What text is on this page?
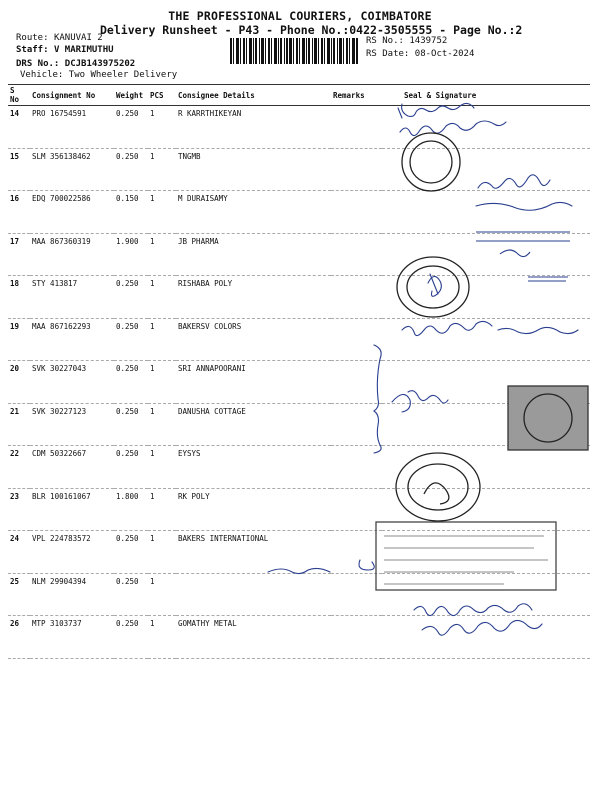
THE PROFESSIONAL COURIERS, COIMBATORE
Delivery Runsheet - P43 - Phone No.:0422-3505555 - Page No.:2
Route: KANUVAI 2
Staff: V MARIMUTHU
DRS No.: DCJB143975202
Vehicle: Two Wheeler Delivery
RS No.: 1439752
RS Date: 08-Oct-2024
S No	Consignment No	Weight	PCS	Consignee Details	Remarks	Seal & Signature
14	PRO 16754591	0.250	1	R KARRTHIKEYAN		
15	SLM 356138462	0.250	1	TNGMB		
16	EDQ 700022586	0.150	1	M DURAISAMY		
17	MAA 867360319	1.900	1	JB PHARMA		
18	STY 413817	0.250	1	RISHABA POLY		
19	MAA 867162293	0.250	1	BAKERSV COLORS		
20	SVK 30227043	0.250	1	SRI ANNAPOORANI		
21	SVK 30227123	0.250	1	DANUSHA COTTAGE		
22	CDM 50322667	0.250	1	EYSYS		
23	BLR 100161067	1.800	1	RK POLY		
24	VPL 224783572	0.250	1	BAKERS INTERNATIONAL		
25	NLM 29904394	0.250	1			
26	MTP 3103737	0.250	1	GOMATHY METAL		
